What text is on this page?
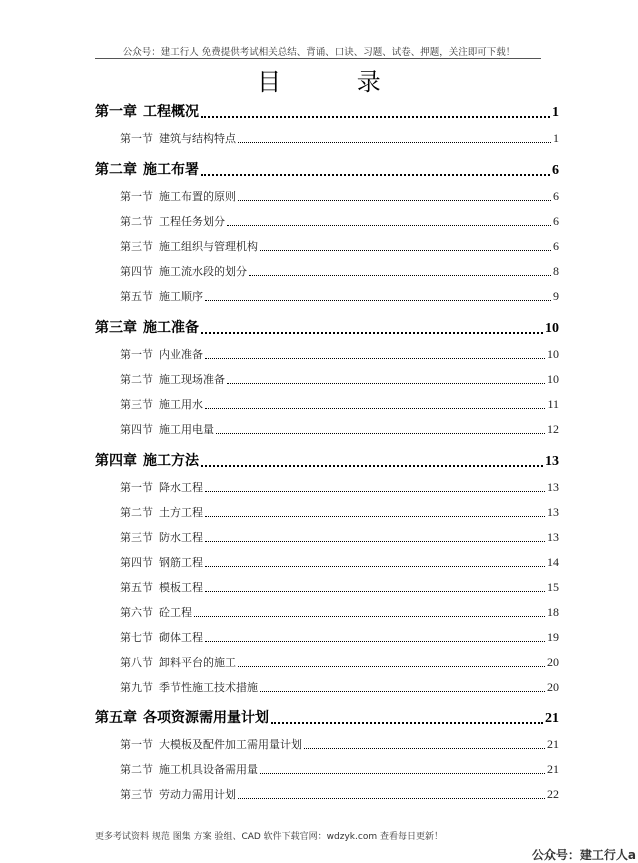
公众号：建工行人 免费提供考试相关总结、背诵、口诀、习题、试卷、押题，关注即可下载！
目 录
第一章 工程概况	1
第一节 建筑与结构特点	1
第二章 施工布署	6
第一节 施工布置的原则	6
第二节 工程任务划分	6
第三节 施工组织与管理机构	6
第四节 施工流水段的划分	8
第五节 施工顺序	9
第三章 施工准备	10
第一节 内业准备	10
第二节 施工现场准备	10
第三节 施工用水	11
第四节 施工用电量	12
第四章 施工方法	13
第一节 降水工程	13
第二节 土方工程	13
第三节 防水工程	13
第四节 钢筋工程	14
第五节 模板工程	15
第六节 砼工程	18
第七节 砌体工程	19
第八节 卸料平台的施工	20
第九节 季节性施工技术措施	20
第五章 各项资源需用量计划	21
第一节 大模板及配件加工需用量计划	21
第二节 施工机具设备需用量	21
第三节 劳动力需用计划	22
更多考试资料 规范 图集 方案 验组、CAD 软件下载官网：wdzyk.com 查看每日更新！
公众号：建工行人a
